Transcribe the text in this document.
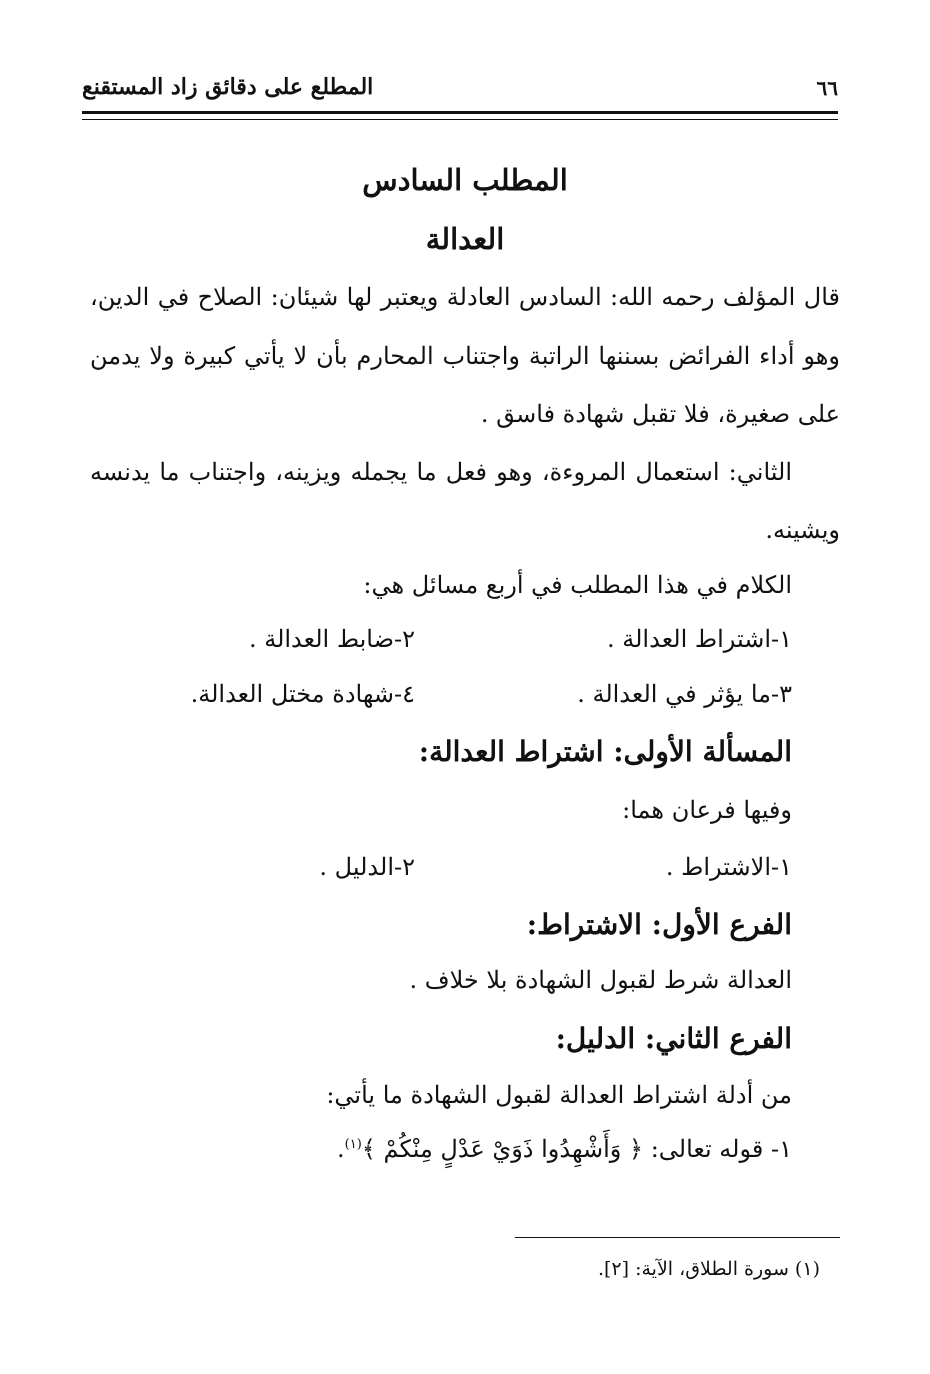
المطلع على دقائق زاد المستقنع	٦٦
المطلب السادس
العدالة
قال المؤلف رحمه الله: السادس العادلة ويعتبر لها شيئان: الصلاح في الدين،
وهو أداء الفرائض بسننها الراتبة واجتناب المحارم بأن لا يأتي كبيرة ولا يدمن
على صغيرة، فلا تقبل شهادة فاسق .
الثاني: استعمال المروءة، وهو فعل ما يجمله ويزينه، واجتناب ما يدنسه
ويشينه.
الكلام في هذا المطلب في أربع مسائل هي:
١-اشتراط العدالة .
٢-ضابط العدالة .
٣-ما يؤثر في العدالة .
٤-شهادة مختل العدالة.
المسألة الأولى: اشتراط العدالة:
وفيها فرعان هما:
١-الاشتراط .
٢-الدليل .
الفرع الأول: الاشتراط:
العدالة شرط لقبول الشهادة بلا خلاف .
الفرع الثاني: الدليل:
من أدلة اشتراط العدالة لقبول الشهادة ما يأتي:
١- قوله تعالى: ﴿ وَأَشْهِدُوا ذَوَيْ عَدْلٍ مِنْكُمْ ﴾$^{(١)}$.
(١) سورة الطلاق، الآية: [٢].
